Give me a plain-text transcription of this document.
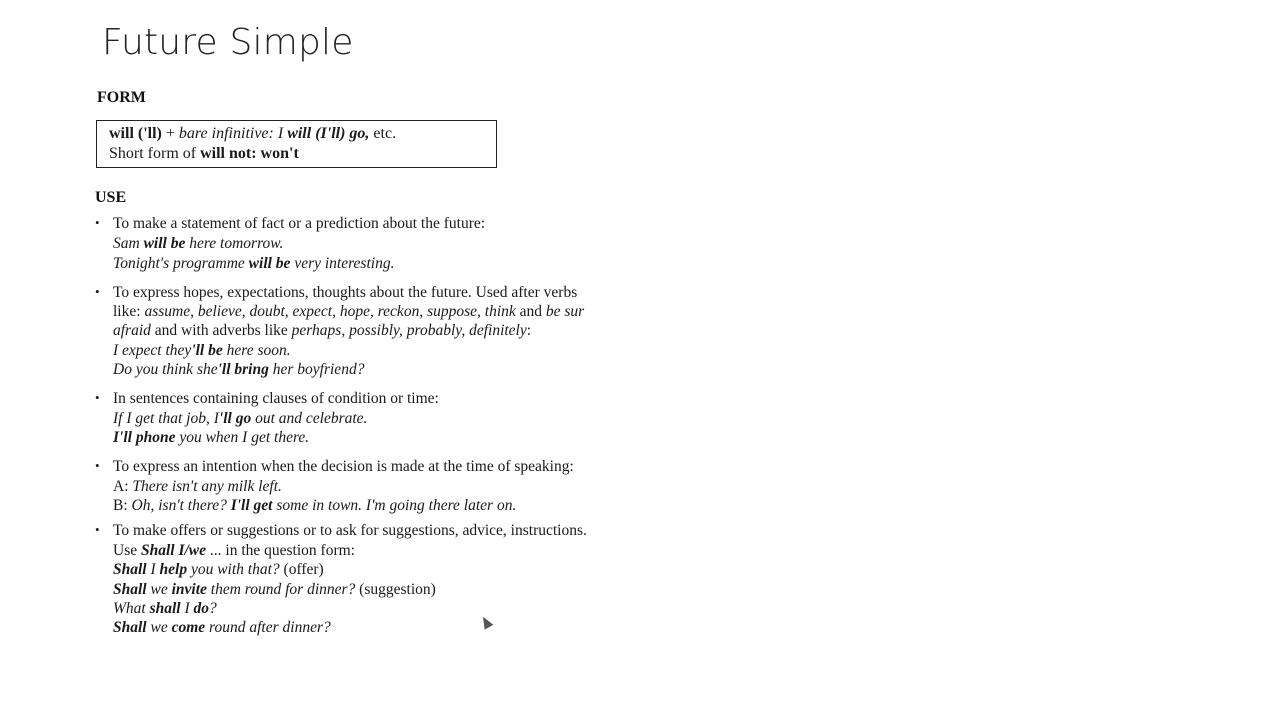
Future Simple
FORM
will ('ll) + bare infinitive: I will (I'll) go, etc.
Short form of will not: won't
USE
• To make a statement of fact or a prediction about the future:
Sam will be here tomorrow.
Tonight's programme will be very interesting.
• To express hopes, expectations, thoughts about the future. Used after verbs
like: assume, believe, doubt, expect, hope, reckon, suppose, think and be sur
afraid and with adverbs like perhaps, possibly, probably, definitely:
I expect they'll be here soon.
Do you think she'll bring her boyfriend?
• In sentences containing clauses of condition or time:
If I get that job, I'll go out and celebrate.
I'll phone you when I get there.
• To express an intention when the decision is made at the time of speaking:
A: There isn't any milk left.
B: Oh, isn't there? I'll get some in town. I'm going there later on.
• To make offers or suggestions or to ask for suggestions, advice, instructions.
Use Shall I/we ... in the question form:
Shall I help you with that? (offer)
Shall we invite them round for dinner? (suggestion)
What shall I do?
Shall we come round after dinner?
